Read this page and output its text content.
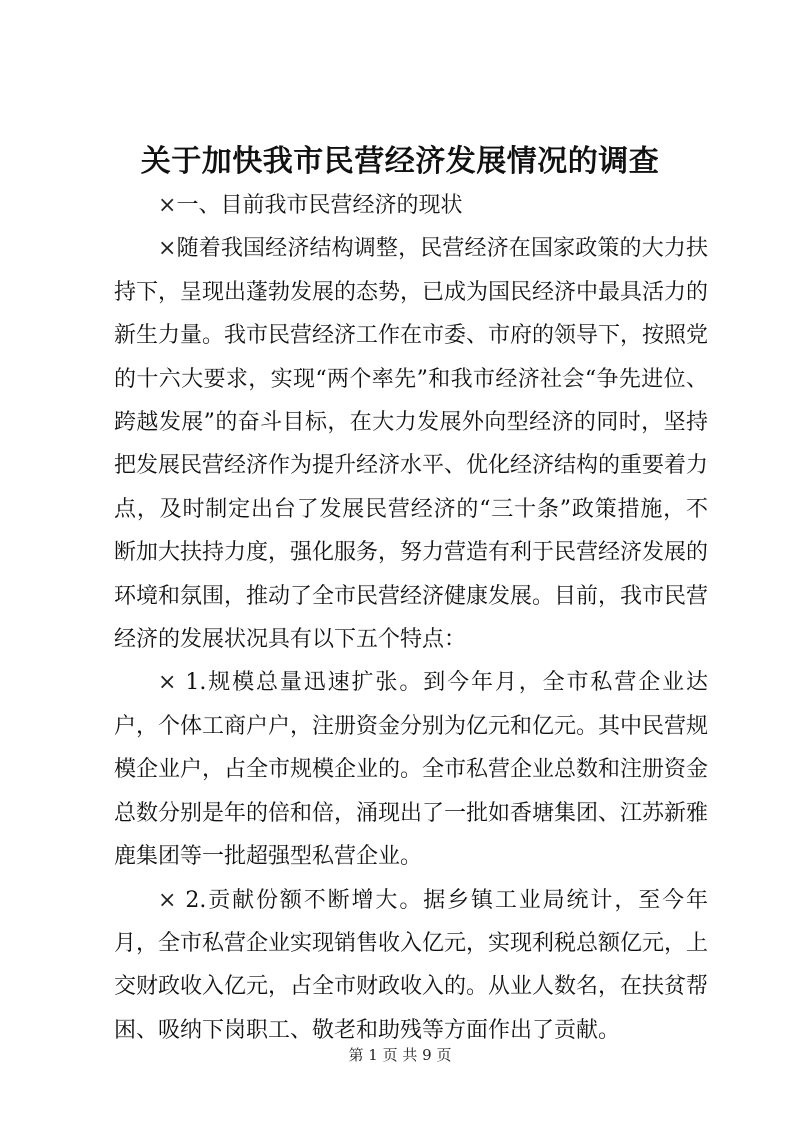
关于加快我市民营经济发展情况的调查

×一、目前我市民营经济的现状

×随着我国经济结构调整，民营经济在国家政策的大力扶持下，呈现出蓬勃发展的态势，已成为国民经济中最具活力的新生力量。我市民营经济工作在市委、市府的领导下，按照党的十六大要求，实现“两个率先”和我市经济社会“争先进位、跨越发展”的奋斗目标，在大力发展外向型经济的同时，坚持把发展民营经济作为提升经济水平、优化经济结构的重要着力点，及时制定出台了发展民营经济的“三十条”政策措施，不断加大扶持力度，强化服务，努力营造有利于民营经济发展的环境和氛围，推动了全市民营经济健康发展。目前，我市民营经济的发展状况具有以下五个特点：

× 1.规模总量迅速扩张。到今年月，全市私营企业达户，个体工商户户，注册资金分别为亿元和亿元。其中民营规模企业户，占全市规模企业的。全市私营企业总数和注册资金总数分别是年的倍和倍，涌现出了一批如香塘集团、江苏新雅鹿集团等一批超强型私营企业。

× 2.贡献份额不断增大。据乡镇工业局统计，至今年月，全市私营企业实现销售收入亿元，实现利税总额亿元，上交财政收入亿元，占全市财政收入的。从业人数名，在扶贫帮困、吸纳下岗职工、敬老和助残等方面作出了贡献。

第 1 页 共 9 页
